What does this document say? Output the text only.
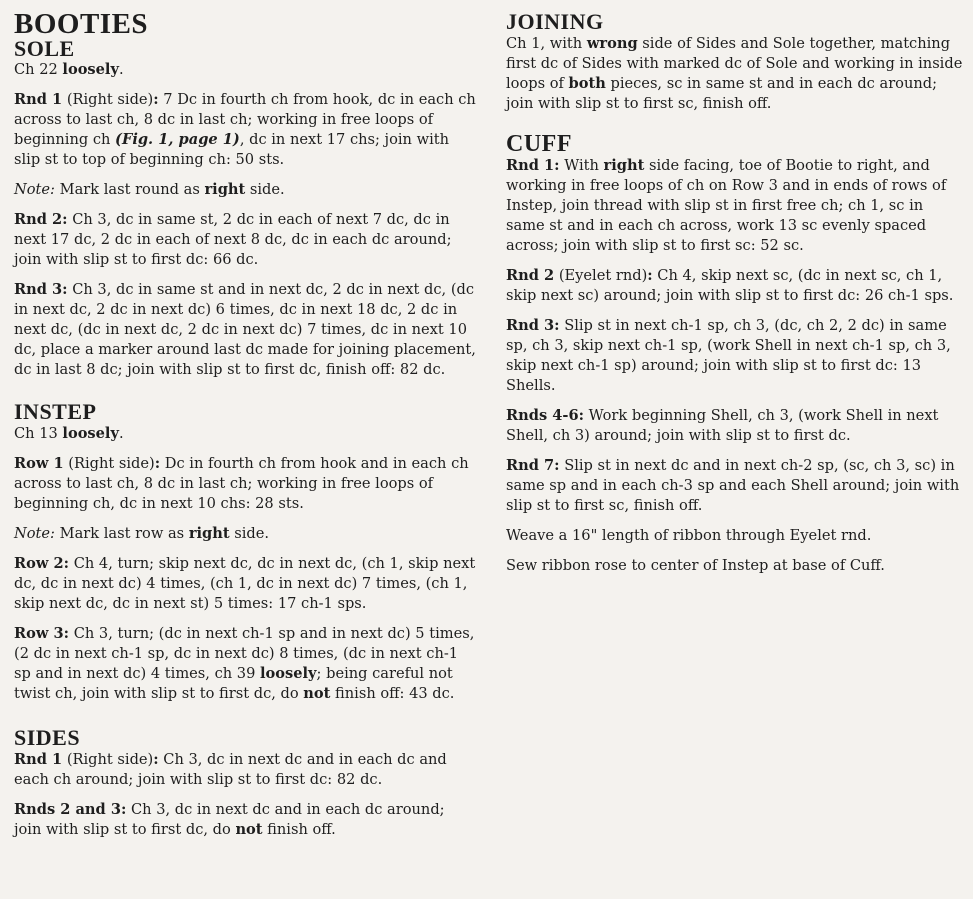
BOOTIES
SOLE

Ch 22 loosely.

Rnd 1 (Right side): 7 Dc in fourth ch from hook, dc in each ch across to last ch, 8 dc in last ch; working in free loops of beginning ch (Fig. 1, page 1), dc in next 17 chs; join with slip st to top of beginning ch: 50 sts.

Note: Mark last round as right side.

Rnd 2: Ch 3, dc in same st, 2 dc in each of next 7 dc, dc in next 17 dc, 2 dc in each of next 8 dc, dc in each dc around; join with slip st to first dc: 66 dc.

Rnd 3: Ch 3, dc in same st and in next dc, 2 dc in next dc, (dc in next dc, 2 dc in next dc) 6 times, dc in next 18 dc, 2 dc in next dc, (dc in next dc, 2 dc in next dc) 7 times, dc in next 10 dc, place a marker around last dc made for joining placement, dc in last 8 dc; join with slip st to first dc, finish off: 82 dc.

INSTEP

Ch 13 loosely.

Row 1 (Right side): Dc in fourth ch from hook and in each ch across to last ch, 8 dc in last ch; working in free loops of beginning ch, dc in next 10 chs: 28 sts.

Note: Mark last row as right side.

Row 2: Ch 4, turn; skip next dc, dc in next dc, (ch 1, skip next dc, dc in next dc) 4 times, (ch 1, dc in next dc) 7 times, (ch 1, skip next dc, dc in next st) 5 times: 17 ch-1 sps.

Row 3: Ch 3, turn; (dc in next ch-1 sp and in next dc) 5 times, (2 dc in next ch-1 sp, dc in next dc) 8 times, (dc in next ch-1 sp and in next dc) 4 times, ch 39 loosely; being careful not twist ch, join with slip st to first dc, do not finish off: 43 dc.

SIDES

Rnd 1 (Right side): Ch 3, dc in next dc and in each dc and each ch around; join with slip st to first dc: 82 dc.

Rnds 2 and 3: Ch 3, dc in next dc and in each dc around; join with slip st to first dc, do not finish off.

JOINING

Ch 1, with wrong side of Sides and Sole together, matching first dc of Sides with marked dc of Sole and working in inside loops of both pieces, sc in same st and in each dc around; join with slip st to first sc, finish off.

CUFF

Rnd 1: With right side facing, toe of Bootie to right, and working in free loops of ch on Row 3 and in ends of rows of Instep, join thread with slip st in first free ch; ch 1, sc in same st and in each ch across, work 13 sc evenly spaced across; join with slip st to first sc: 52 sc.

Rnd 2 (Eyelet rnd): Ch 4, skip next sc, (dc in next sc, ch 1, skip next sc) around; join with slip st to first dc: 26 ch-1 sps.

Rnd 3: Slip st in next ch-1 sp, ch 3, (dc, ch 2, 2 dc) in same sp, ch 3, skip next ch-1 sp, (work Shell in next ch-1 sp, ch 3, skip next ch-1 sp) around; join with slip st to first dc: 13 Shells.

Rnds 4-6: Work beginning Shell, ch 3, (work Shell in next Shell, ch 3) around; join with slip st to first dc.

Rnd 7: Slip st in next dc and in next ch-2 sp, (sc, ch 3, sc) in same sp and in each ch-3 sp and each Shell around; join with slip st to first sc, finish off.

Weave a 16" length of ribbon through Eyelet rnd.

Sew ribbon rose to center of Instep at base of Cuff.
